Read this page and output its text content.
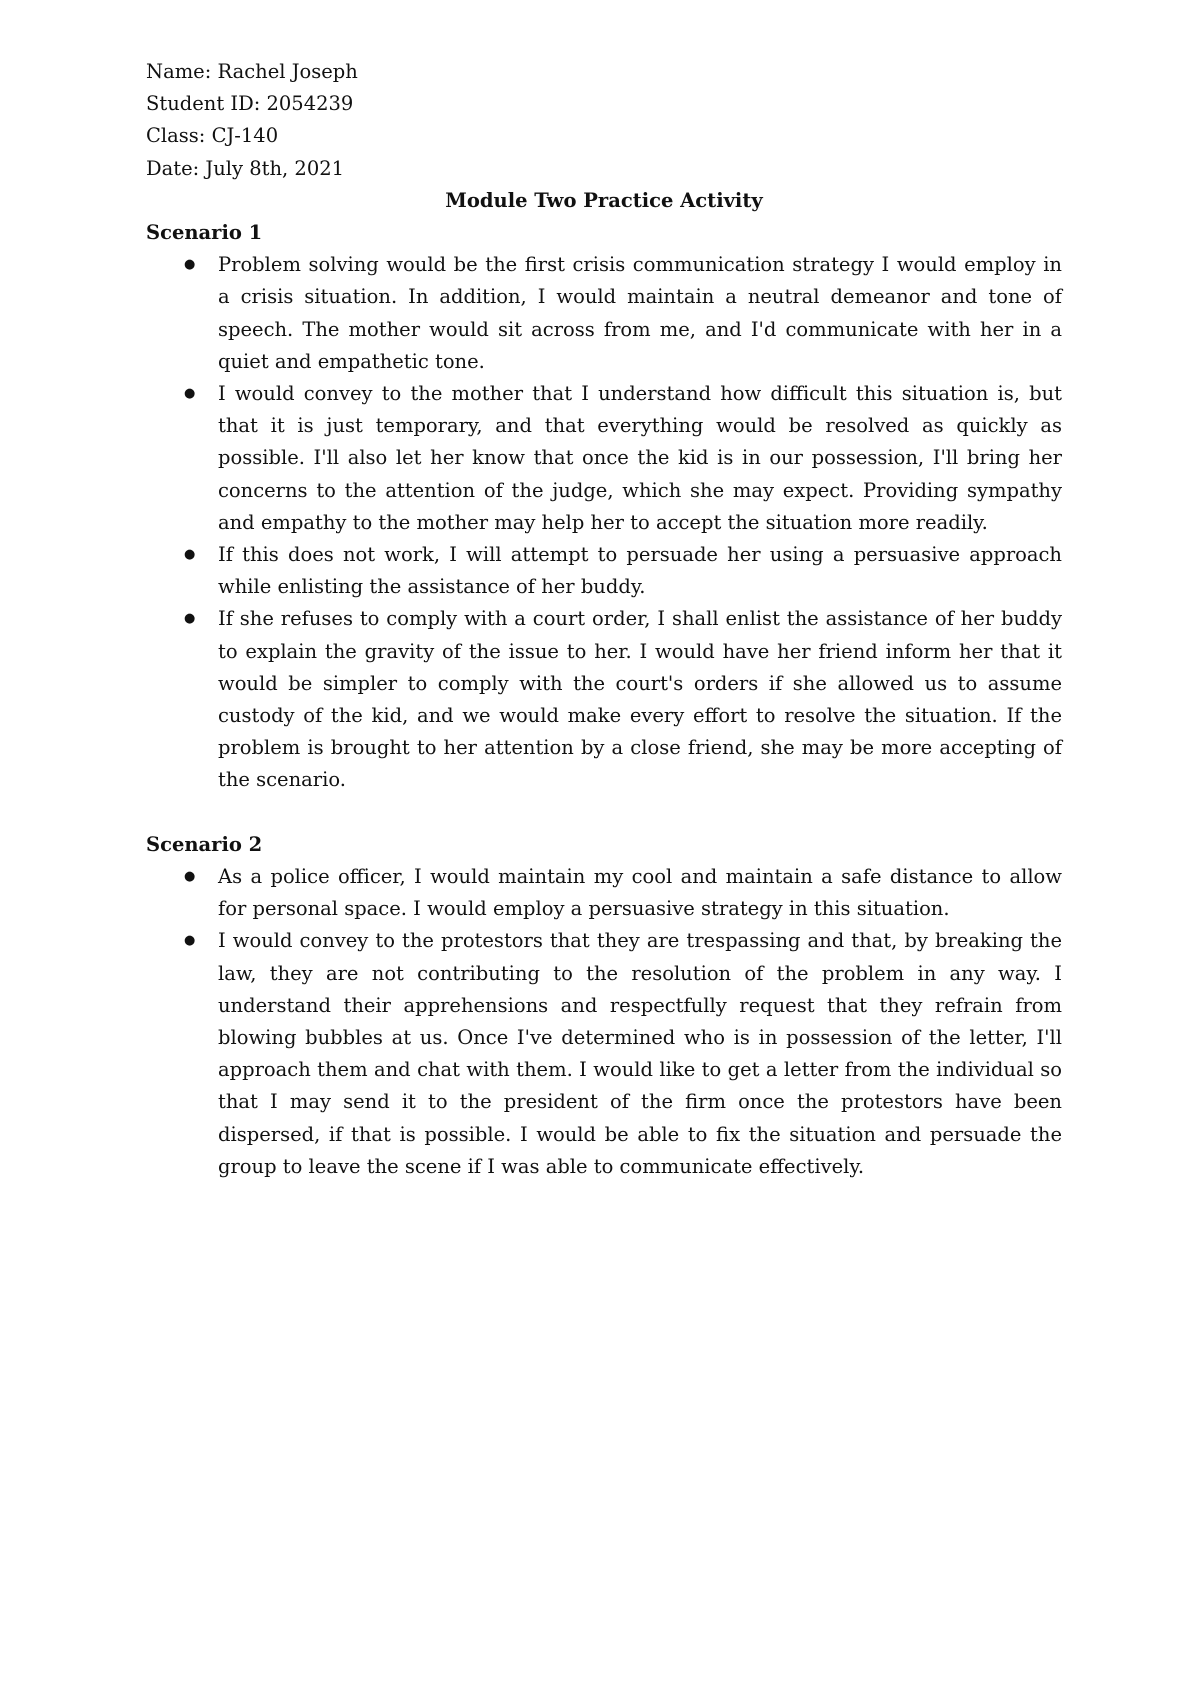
Name: Rachel Joseph

Student ID: 2054239

Class: CJ-140

Date: July 8th, 2021

Module Two Practice Activity

Scenario 1

● Problem solving would be the first crisis communication strategy I would employ in a crisis situation. In addition, I would maintain a neutral demeanor and tone of speech. The mother would sit across from me, and I'd communicate with her in a quiet and empathetic tone.
● I would convey to the mother that I understand how difficult this situation is, but that it is just temporary, and that everything would be resolved as quickly as possible. I'll also let her know that once the kid is in our possession, I'll bring her concerns to the attention of the judge, which she may expect. Providing sympathy and empathy to the mother may help her to accept the situation more readily.
● If this does not work, I will attempt to persuade her using a persuasive approach while enlisting the assistance of her buddy.
● If she refuses to comply with a court order, I shall enlist the assistance of her buddy to explain the gravity of the issue to her. I would have her friend inform her that it would be simpler to comply with the court's orders if she allowed us to assume custody of the kid, and we would make every effort to resolve the situation. If the problem is brought to her attention by a close friend, she may be more accepting of the scenario.

Scenario 2

● As a police officer, I would maintain my cool and maintain a safe distance to allow for personal space. I would employ a persuasive strategy in this situation.
● I would convey to the protestors that they are trespassing and that, by breaking the law, they are not contributing to the resolution of the problem in any way. I understand their apprehensions and respectfully request that they refrain from blowing bubbles at us. Once I've determined who is in possession of the letter, I'll approach them and chat with them. I would like to get a letter from the individual so that I may send it to the president of the firm once the protestors have been dispersed, if that is possible. I would be able to fix the situation and persuade the group to leave the scene if I was able to communicate effectively.
